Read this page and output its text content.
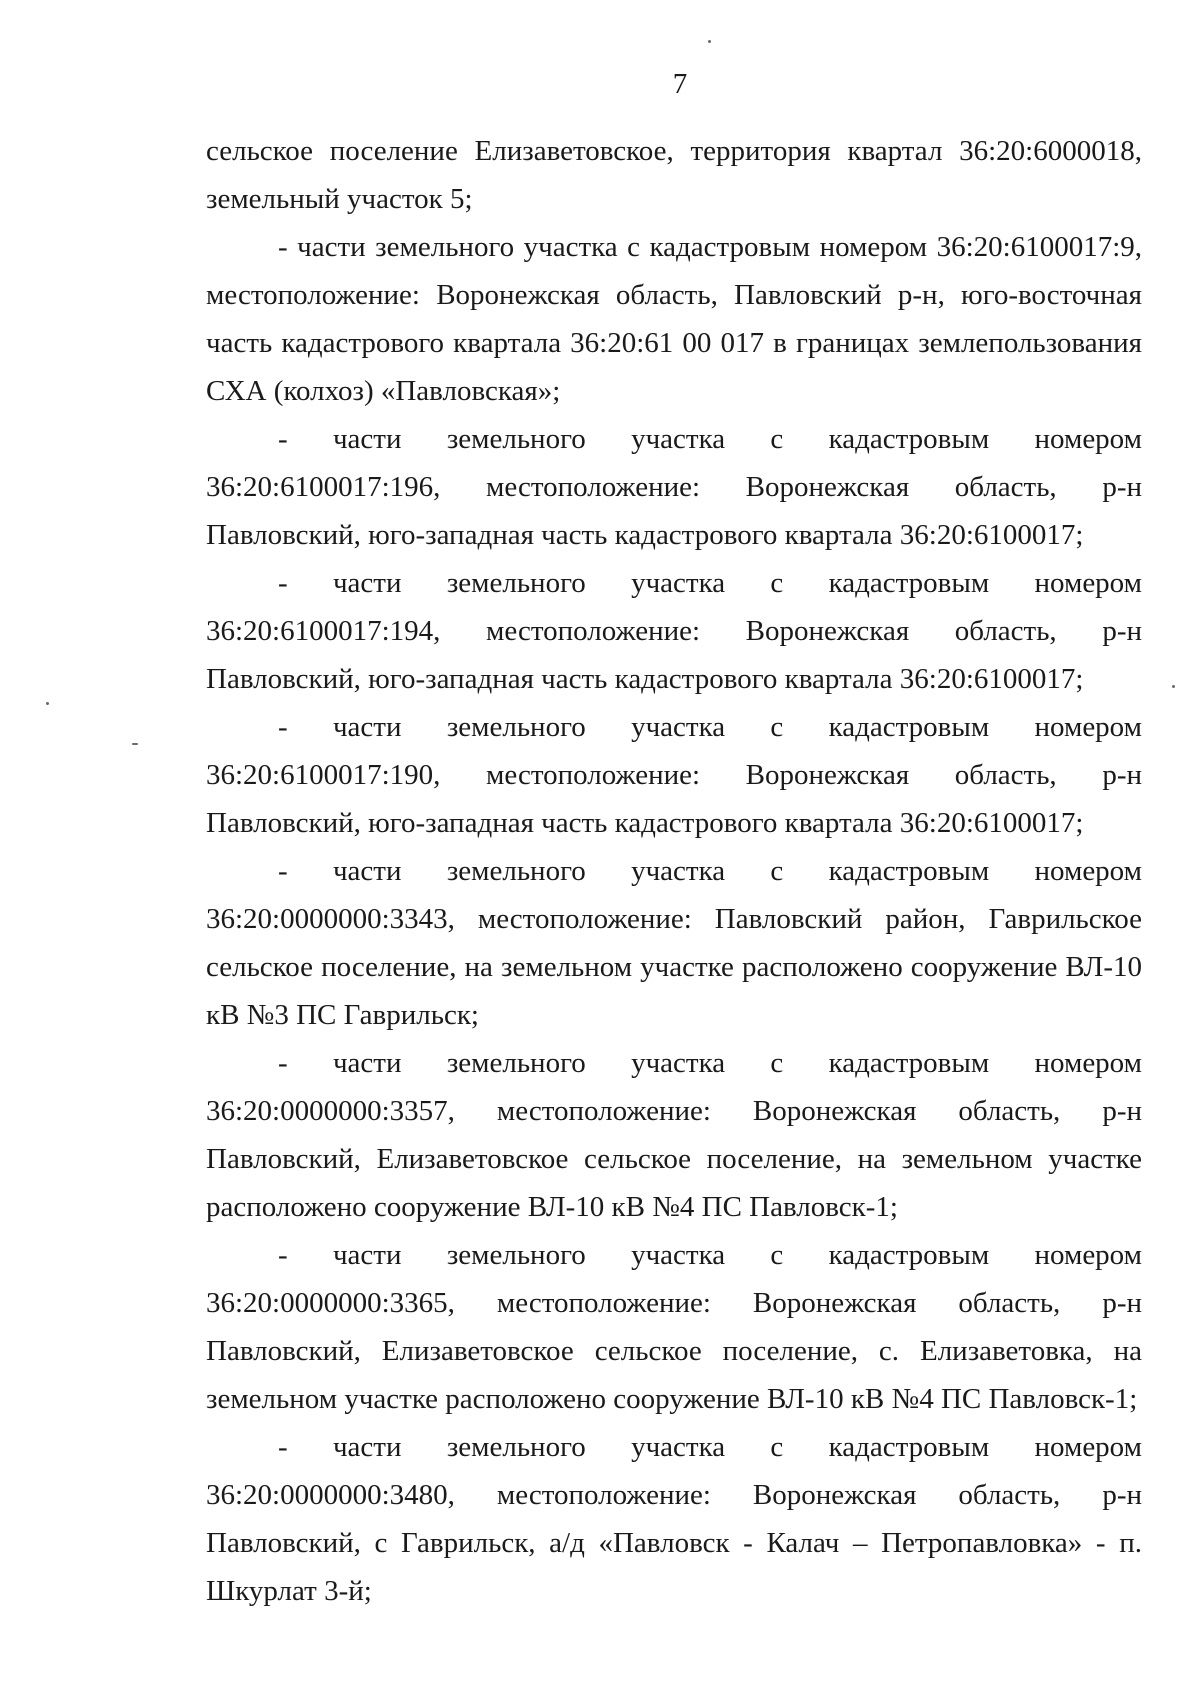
7

сельское поселение Елизаветовское, территория квартал 36:20:6000018, земельный участок 5;

- части земельного участка с кадастровым номером 36:20:6100017:9, местоположение: Воронежская область, Павловский р-н, юго-восточная часть кадастрового квартала 36:20:61 00 017 в границах землепользования СХА (колхоз) «Павловская»;

- части земельного участка с кадастровым номером 36:20:6100017:196, местоположение: Воронежская область, р-н Павловский, юго-западная часть кадастрового квартала 36:20:6100017;

- части земельного участка с кадастровым номером 36:20:6100017:194, местоположение: Воронежская область, р-н Павловский, юго-западная часть кадастрового квартала 36:20:6100017;

- части земельного участка с кадастровым номером 36:20:6100017:190, местоположение: Воронежская область, р-н Павловский, юго-западная часть кадастрового квартала 36:20:6100017;

- части земельного участка с кадастровым номером 36:20:0000000:3343, местоположение: Павловский район, Гаврильское сельское поселение, на земельном участке расположено сооружение ВЛ-10 кВ №3 ПС Гаврильск;

- части земельного участка с кадастровым номером 36:20:0000000:3357, местоположение: Воронежская область, р-н Павловский, Елизаветовское сельское поселение, на земельном участке расположено сооружение ВЛ-10 кВ №4 ПС Павловск-1;

- части земельного участка с кадастровым номером 36:20:0000000:3365, местоположение: Воронежская область, р-н Павловский, Елизаветовское сельское поселение, с. Елизаветовка, на земельном участке расположено сооружение ВЛ-10 кВ №4 ПС Павловск-1;

- части земельного участка с кадастровым номером 36:20:0000000:3480, местоположение: Воронежская область, р-н Павловский, с Гаврильск, а/д «Павловск - Калач – Петропавловка» - п. Шкурлат 3-й;
